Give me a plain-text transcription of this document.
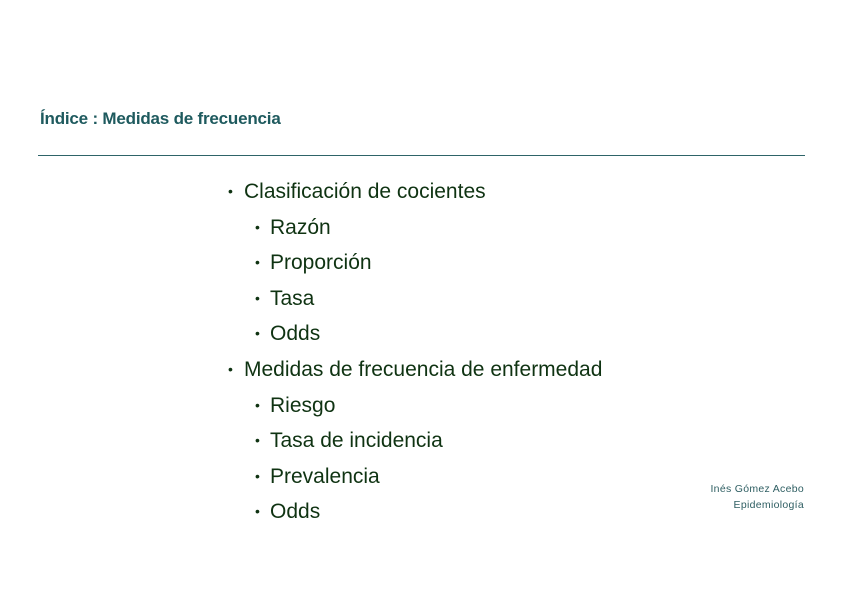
Índice : Medidas de frecuencia
• Clasificación de cocientes
• Razón
• Proporción
• Tasa
• Odds
• Medidas de frecuencia de enfermedad
• Riesgo
• Tasa de incidencia
• Prevalencia
• Odds
Inés Gómez Acebo
Epidemiología
